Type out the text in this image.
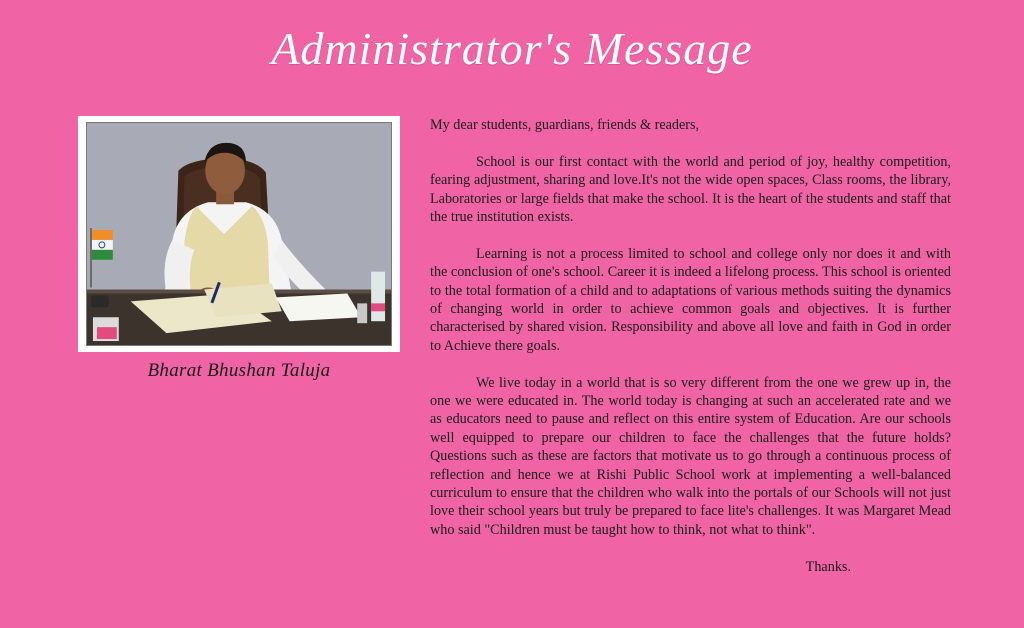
Administrator's Message
Bharat Bhushan Taluja

My dear students, guardians, friends & readers,

School is our first contact with the world and period of joy, healthy competition, fearing adjustment, sharing and love.It's not the wide open spaces, Class rooms, the library, Laboratories or large fields that make the school. It is the heart of the students and staff that the true institution exists.

Learning is not a process limited to school and college only nor does it and with the conclusion of one's school. Career it is indeed a lifelong process. This school is oriented to the total formation of a child and to adaptations of various methods suiting the dynamics of changing world in order to achieve common goals and objectives. It is further characterised by shared vision. Responsibility and above all love and faith in God in order to Achieve there goals.

We live today in a world that is so very different from the one we grew up in, the one we were educated in. The world today is changing at such an accelerated rate and we as educators need to pause and reflect on this entire system of Education. Are our schools well equipped to prepare our children to face the challenges that the future holds? Questions such as these are factors that motivate us to go through a continuous process of reflection and hence we at Rishi Public School work at implementing a well-balanced curriculum to ensure that the children who walk into the portals of our Schools will not just love their school years but truly be prepared to face lite's challenges. It was Margaret Mead who said "Children must be taught how to think, not what to think".

Thanks.
